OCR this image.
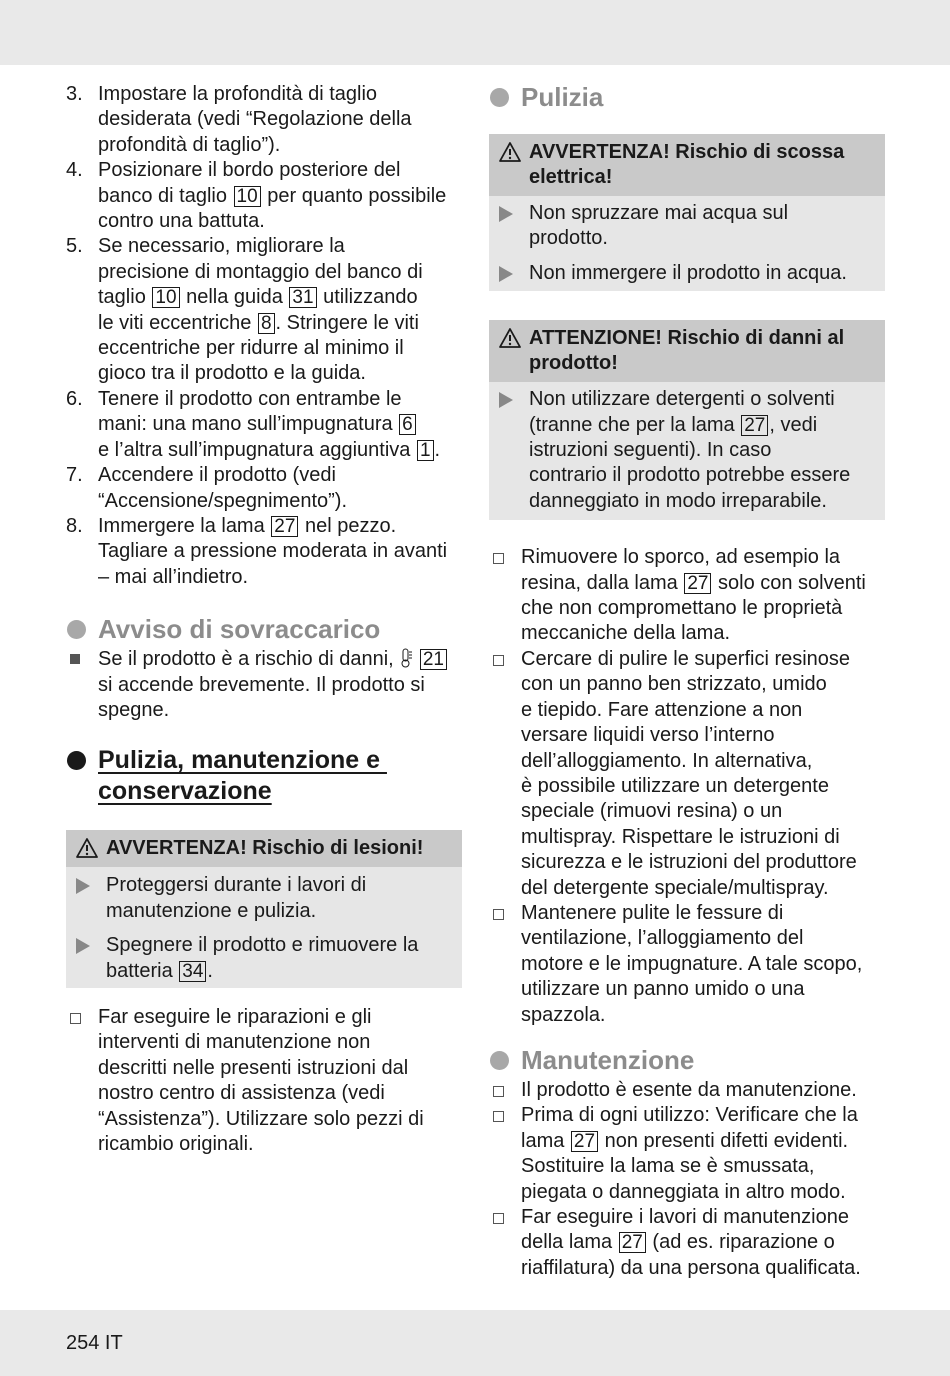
3. Impostare la profondità di taglio
desiderata (vedi “Regolazione della
profondità di taglio”).
4. Posizionare il bordo posteriore del
banco di taglio 10 per quanto possibile
contro una battuta.
5. Se necessario, migliorare la
precisione di montaggio del banco di
taglio 10 nella guida 31 utilizzando
le viti eccentriche 8 . Stringere le viti
eccentriche per ridurre al minimo il
gioco tra il prodotto e la guida.
6. Tenere il prodotto con entrambe le
mani: una mano sull’impugnatura 6
e l’altra sull’impugnatura aggiuntiva 1 .
7. Accendere il prodotto (vedi
“Accensione/spegnimento”).
8. Immergere la lama 27 nel pezzo.
Tagliare a pressione moderata in avanti
– mai all’indietro.
Avviso di sovraccarico
Se il prodotto è a rischio di danni,  21
si accende brevemente. Il prodotto si
spegne.
Pulizia, manutenzione e
conservazione
AVVERTENZA! Rischio di lesioni!
Proteggersi durante i lavori di
manutenzione e pulizia.
Spegnere il prodotto e rimuovere la
batteria 34 .
Far eseguire le riparazioni e gli
interventi di manutenzione non
descritti nelle presenti istruzioni dal
nostro centro di assistenza (vedi
“Assistenza”). Utilizzare solo pezzi di
ricambio originali.
Pulizia
AVVERTENZA! Rischio di scossa
elettrica!
Non spruzzare mai acqua sul
prodotto.
Non immergere il prodotto in acqua.
ATTENZIONE! Rischio di danni al
prodotto!
Non utilizzare detergenti o solventi
(tranne che per la lama 27 , vedi
istruzioni seguenti). In caso
contrario il prodotto potrebbe essere
danneggiato in modo irreparabile.
Rimuovere lo sporco, ad esempio la
resina, dalla lama 27 solo con solventi
che non compromettano le proprietà
meccaniche della lama.
Cercare di pulire le superfici resinose
con un panno ben strizzato, umido
e tiepido. Fare attenzione a non
versare liquidi verso l’interno
dell’alloggiamento. In alternativa,
è possibile utilizzare un detergente
speciale (rimuovi resina) o un
multispray. Rispettare le istruzioni di
sicurezza e le istruzioni del produttore
del detergente speciale/multispray.
Mantenere pulite le fessure di
ventilazione, l’alloggiamento del
motore e le impugnature. A tale scopo,
utilizzare un panno umido o una
spazzola.
Manutenzione
Il prodotto è esente da manutenzione.
Prima di ogni utilizzo: Verificare che la
lama 27 non presenti difetti evidenti.
Sostituire la lama se è smussata,
piegata o danneggiata in altro modo.
Far eseguire i lavori di manutenzione
della lama 27 (ad es. riparazione o
riaffilatura) da una persona qualificata.
254 IT
